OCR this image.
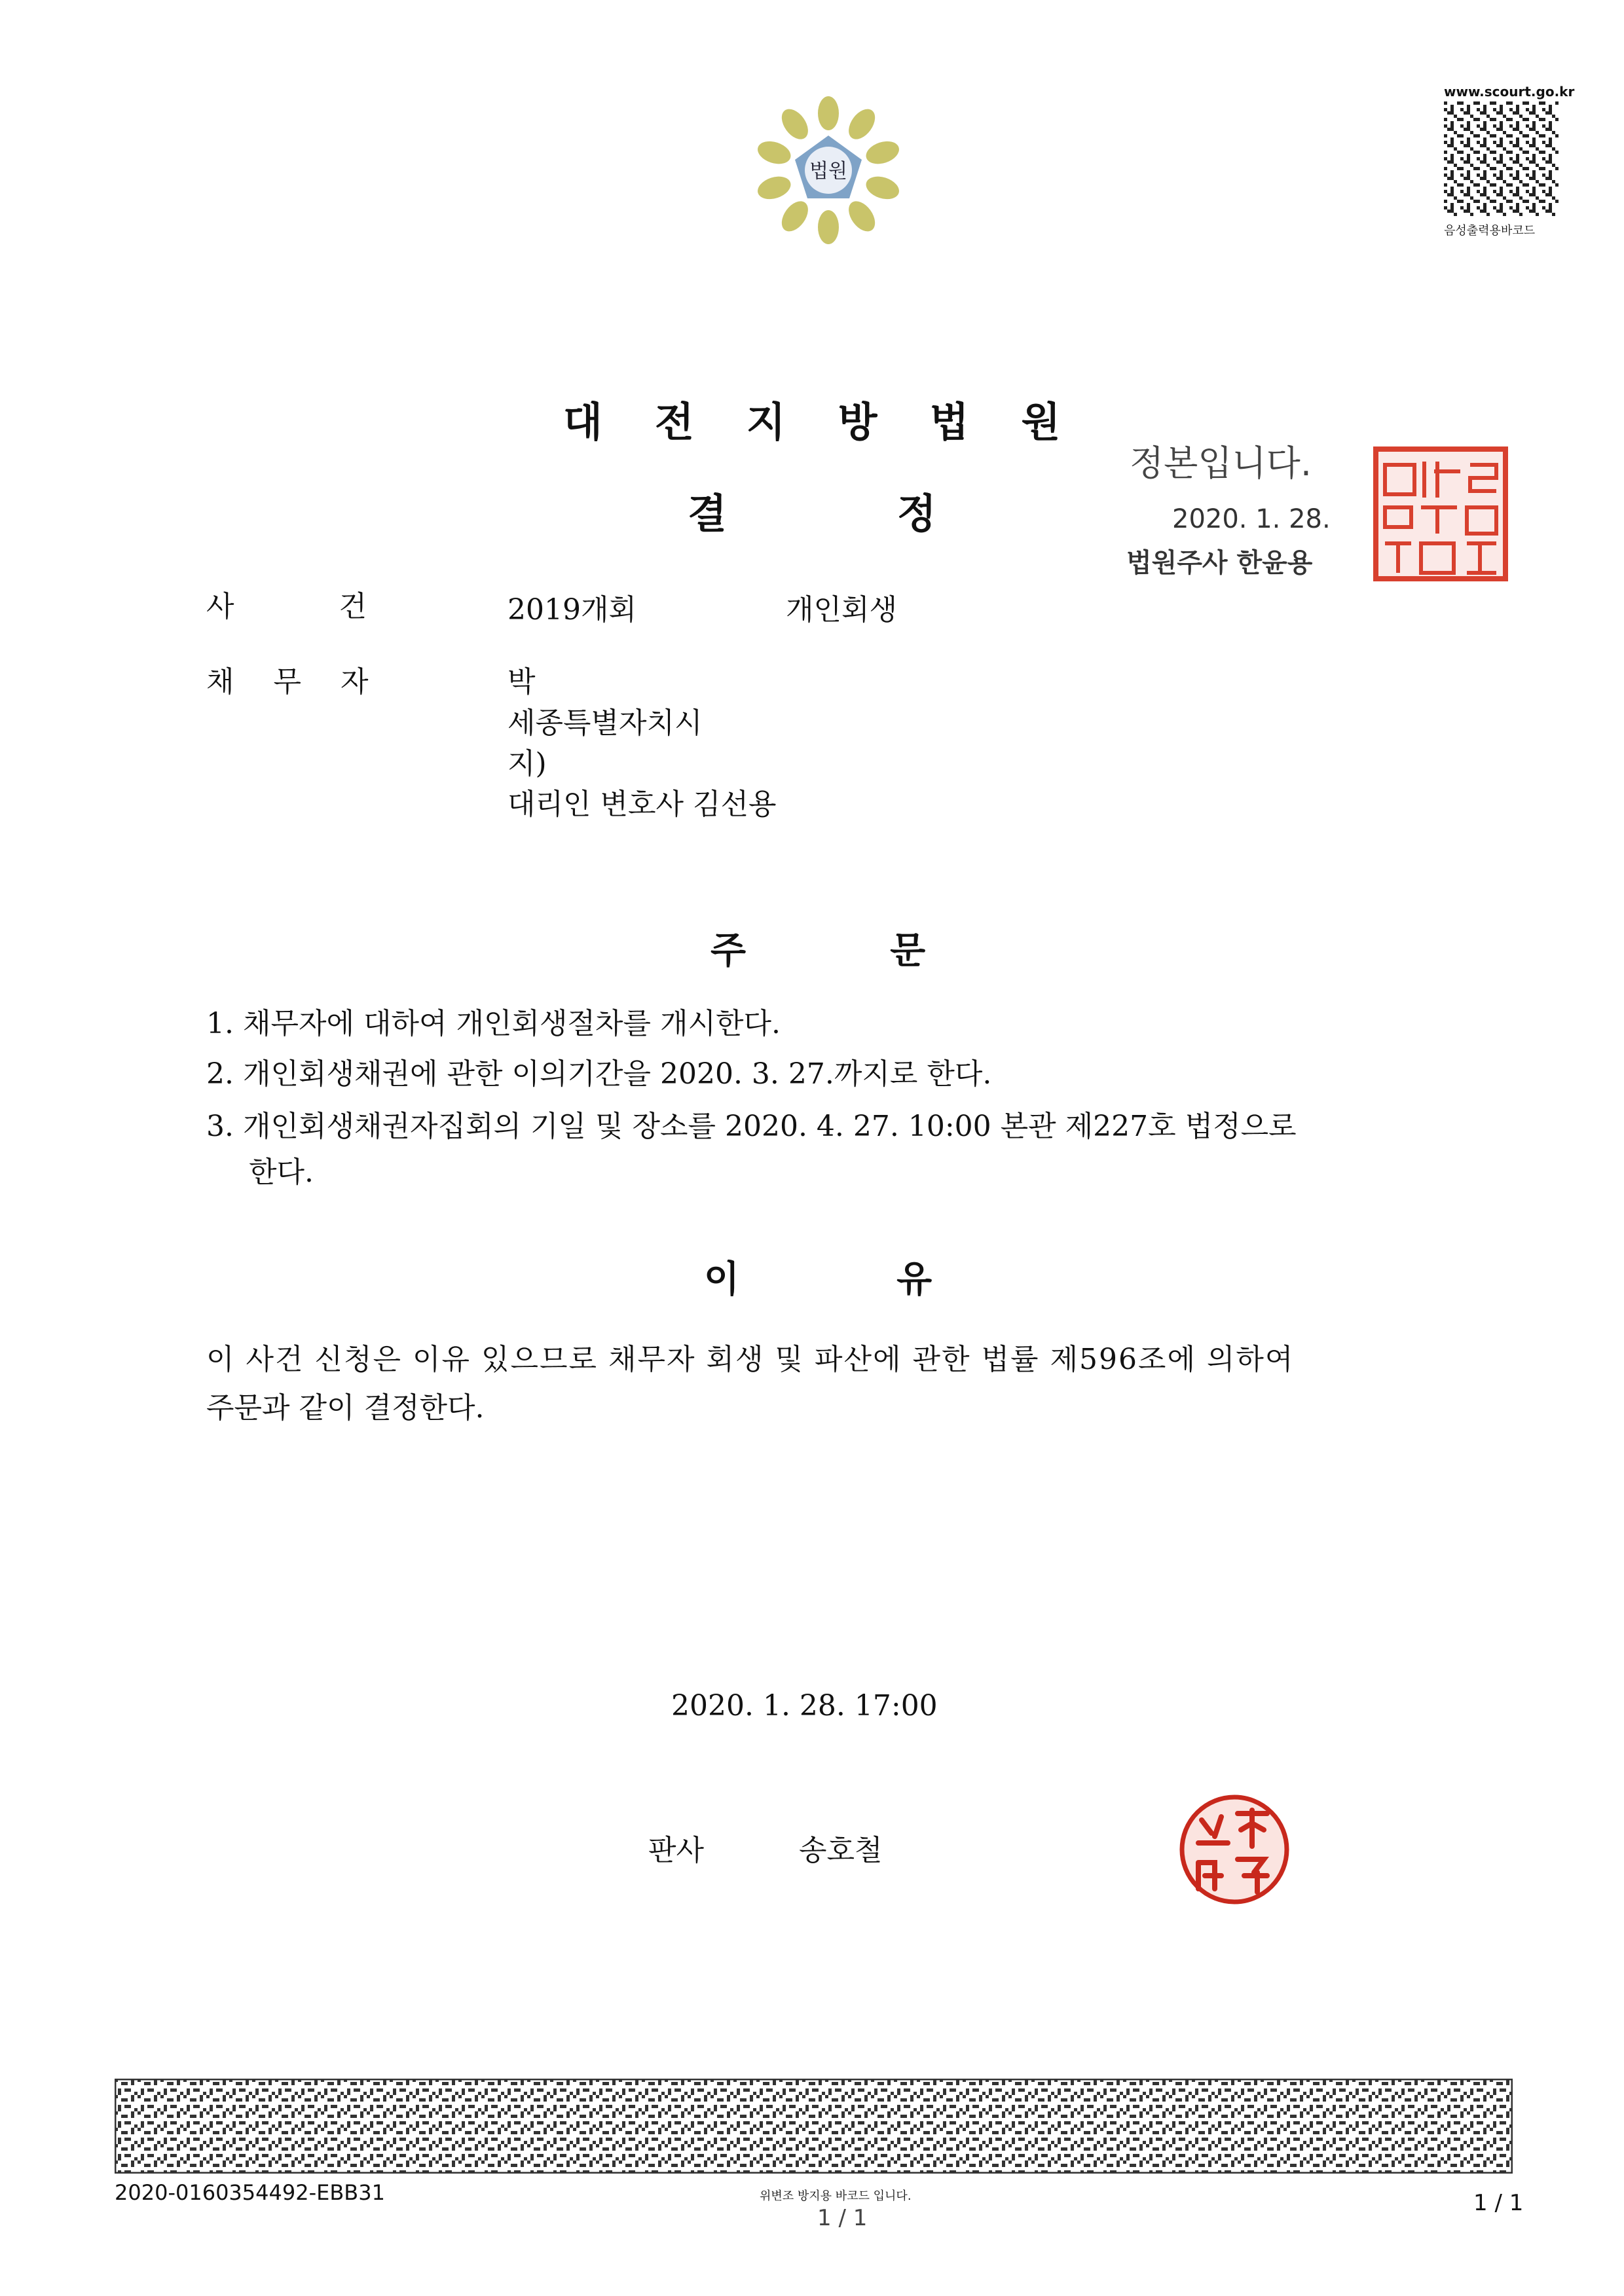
법원
www.scourt.go.kr
음성출력용바코드
대전지방법원
결정
정본입니다.
2020. 1. 28.
법원주사 한윤용
사건 2019개회	개인회생
채무자	박
세종특별자치시
지)
대리인 변호사 김선용
주문
1. 채무자에 대하여 개인회생절차를 개시한다.
2. 개인회생채권에 관한 이의기간을 2020. 3. 27.까지로 한다.
3. 개인회생채권자집회의 기일 및 장소를 2020. 4. 27. 10:00 본관 제227호 법정으로
한다.
이유
이 사건 신청은 이유 있으므로 채무자 회생 및 파산에 관한 법률 제596조에 의하여
주문과 같이 결정한다.
2020. 1. 28. 17:00
판사	송호철
2020-0160354492-EBB31	위변조 방지용 바코드 입니다.
1 / 1
1 / 1
